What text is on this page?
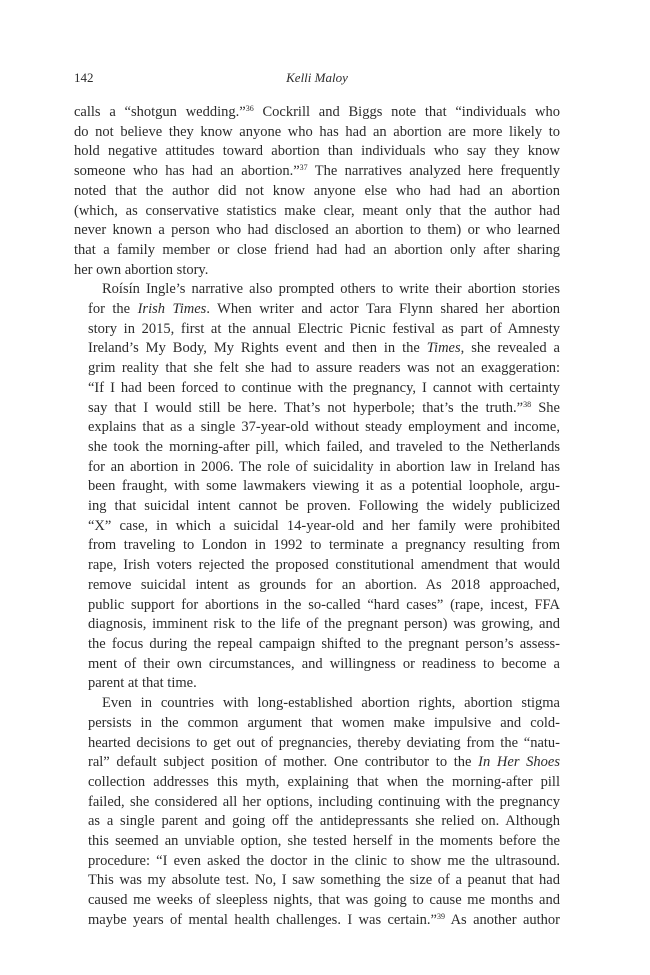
142	Kelli Maloy

calls a “shotgun wedding.”$^{36}$ Cockrill and Biggs note that “individuals who
do not believe they know anyone who has had an abortion are more likely to
hold negative attitudes toward abortion than individuals who say they know
someone who has had an abortion.”$^{37}$ The narratives analyzed here frequently
noted that the author did not know anyone else who had had an abortion
(which, as conservative statistics make clear, meant only that the author had
never known a person who had disclosed an abortion to them) or who learned
that a family member or close friend had had an abortion only after sharing
her own abortion story.

Roísín Ingle’s narrative also prompted others to write their abortion stories
for the Irish Times. When writer and actor Tara Flynn shared her abortion
story in 2015, first at the annual Electric Picnic festival as part of Amnesty
Ireland’s My Body, My Rights event and then in the Times, she revealed a
grim reality that she felt she had to assure readers was not an exaggeration:
“If I had been forced to continue with the pregnancy, I cannot with certainty
say that I would still be here. That’s not hyperbole; that’s the truth.”$^{38}$ She
explains that as a single 37-year-old without steady employment and income,
she took the morning-after pill, which failed, and traveled to the Netherlands
for an abortion in 2006. The role of suicidality in abortion law in Ireland has
been fraught, with some lawmakers viewing it as a potential loophole, argu-
ing that suicidal intent cannot be proven. Following the widely publicized
“X” case, in which a suicidal 14-year-old and her family were prohibited
from traveling to London in 1992 to terminate a pregnancy resulting from
rape, Irish voters rejected the proposed constitutional amendment that would
remove suicidal intent as grounds for an abortion. As 2018 approached,
public support for abortions in the so-called “hard cases” (rape, incest, FFA
diagnosis, imminent risk to the life of the pregnant person) was growing, and
the focus during the repeal campaign shifted to the pregnant person’s assess-
ment of their own circumstances, and willingness or readiness to become a
parent at that time.

Even in countries with long-established abortion rights, abortion stigma
persists in the common argument that women make impulsive and cold-
hearted decisions to get out of pregnancies, thereby deviating from the “natu-
ral” default subject position of mother. One contributor to the In Her Shoes
collection addresses this myth, explaining that when the morning-after pill
failed, she considered all her options, including continuing with the pregnancy
as a single parent and going off the antidepressants she relied on. Although
this seemed an unviable option, she tested herself in the moments before the
procedure: “I even asked the doctor in the clinic to show me the ultrasound.
This was my absolute test. No, I saw something the size of a peanut that had
caused me weeks of sleepless nights, that was going to cause me months and
maybe years of mental health challenges. I was certain.”$^{39}$ As another author
